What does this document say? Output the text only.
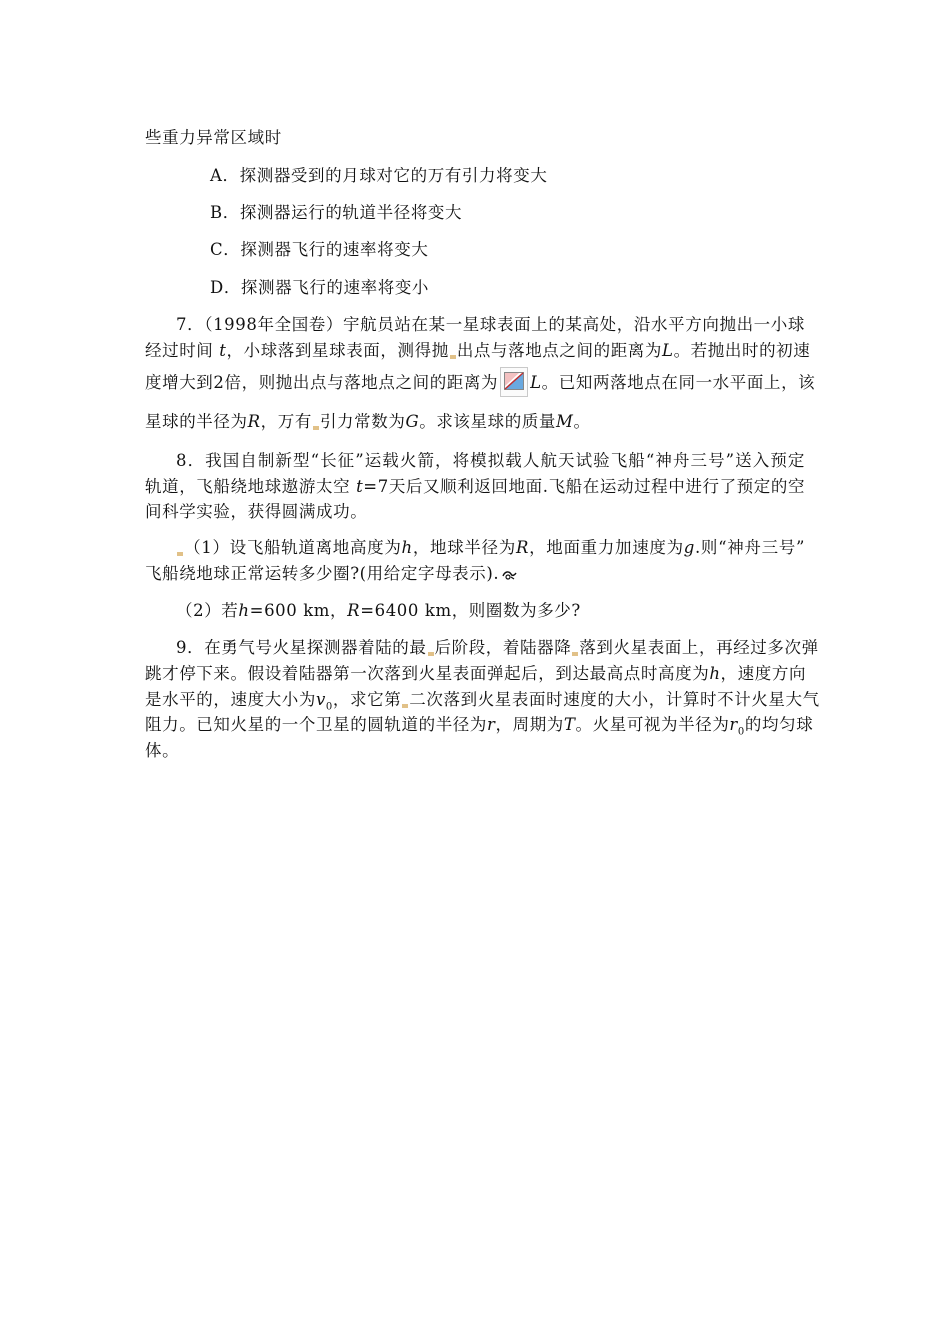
些重力异常区域时
A．探测器受到的月球对它的万有引力将变大
B．探测器运行的轨道半径将变大
C．探测器飞行的速率将变大
D．探测器飞行的速率将变小
7．（1998年全国卷）宇航员站在某一星球表面上的某高处，沿水平方向抛出一小球
经过时间 t，小球落到星球表面，测得抛 出点与落地点之间的距离为L。若抛出时的初速
度增大到2倍，则抛出点与落地点之间的距离为 L。已知两落地点在同一水平面上，该
星球的半径为R，万有 引力常数为G。求该星球的质量M。
8．我国自制新型“长征”运载火箭，将模拟载人航天试验飞船“神舟三号”送入预定
轨道，飞船绕地球遨游太空 t=7天后又顺利返回地面.飞船在运动过程中进行了预定的空
间科学实验，获得圆满成功。
（1）设飞船轨道离地高度为h，地球半径为R，地面重力加速度为g.则“神舟三号”
飞船绕地球正常运转多少圈?(用给定字母表示).
（2）若h=600 km，R=6400 km，则圈数为多少?
9．在勇气号火星探测器着陆的最 后阶段，着陆器降 落到火星表面上，再经过多次弹
跳才停下来。假设着陆器第一次落到火星表面弹起后，到达最高点时高度为h，速度方向
是水平的，速度大小为$v_0$，求它第 二次落到火星表面时速度的大小，计算时不计火星大气
阻力。已知火星的一个卫星的圆轨道的半径为r，周期为T。火星可视为半径为$r_0$的均匀球
体。
